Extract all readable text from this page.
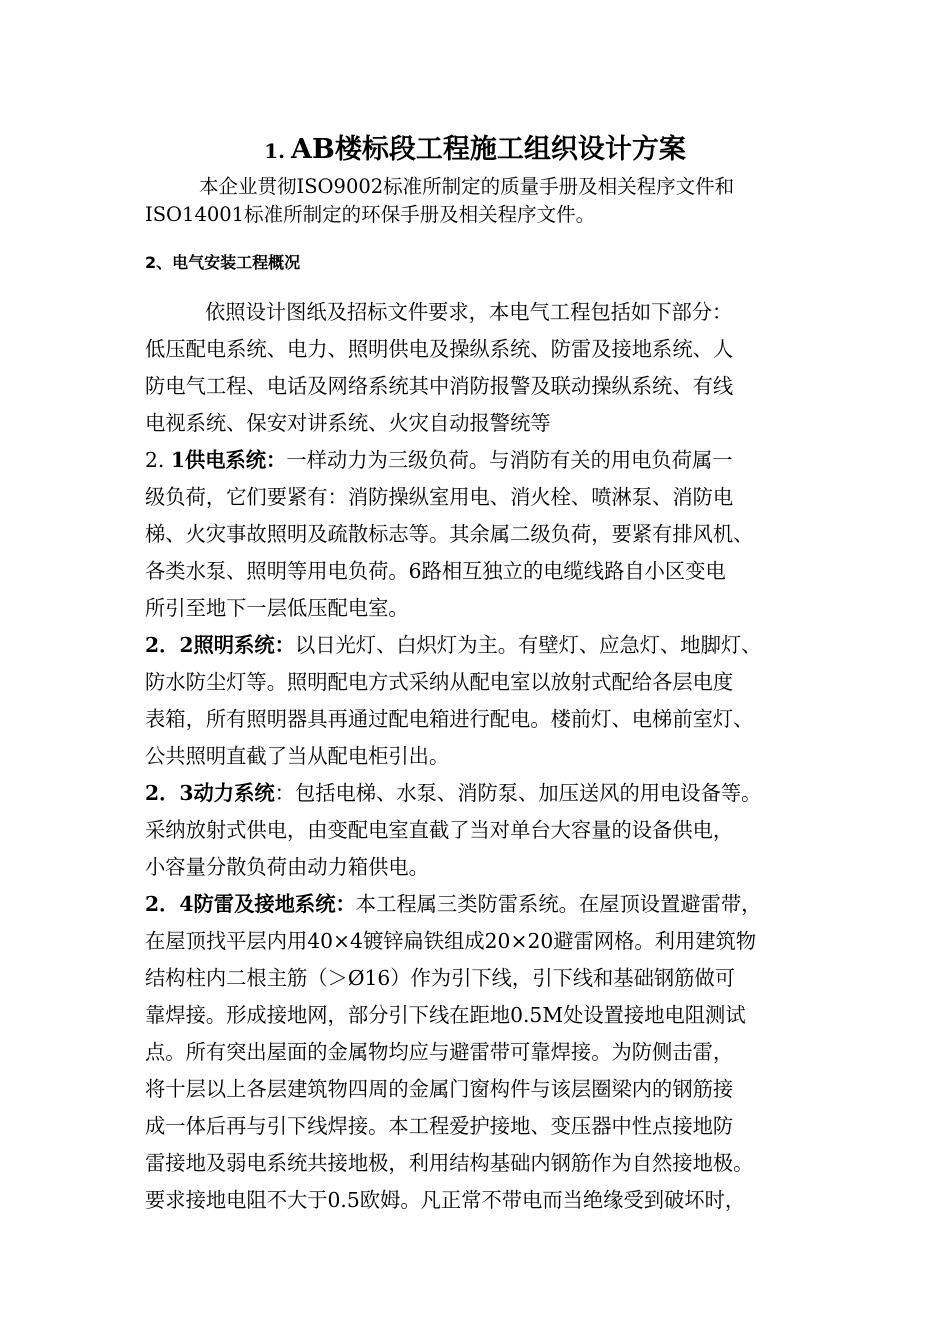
1. AB楼标段工程施工组织设计方案
本企业贯彻ISO9002标准所制定的质量手册及相关程序文件和
ISO14001标准所制定的环保手册及相关程序文件。
2、电气安装工程概况
依照设计图纸及招标文件要求，本电气工程包括如下部分：
低压配电系统、电力、照明供电及操纵系统、防雷及接地系统、人
防电气工程、电话及网络系统其中消防报警及联动操纵系统、有线
电视系统、保安对讲系统、火灾自动报警统等
2. 1供电系统：一样动力为三级负荷。与消防有关的用电负荷属一
级负荷，它们要紧有：消防操纵室用电、消火栓、喷淋泵、消防电
梯、火灾事故照明及疏散标志等。其余属二级负荷，要紧有排风机、
各类水泵、照明等用电负荷。6路相互独立的电缆线路自小区变电
所引至地下一层低压配电室。
2．2照明系统：以日光灯、白炽灯为主。有壁灯、应急灯、地脚灯、
防水防尘灯等。照明配电方式采纳从配电室以放射式配给各层电度
表箱，所有照明器具再通过配电箱进行配电。楼前灯、电梯前室灯、
公共照明直截了当从配电柜引出。
2．3动力系统：包括电梯、水泵、消防泵、加压送风的用电设备等。
采纳放射式供电，由变配电室直截了当对单台大容量的设备供电，
小容量分散负荷由动力箱供电。
2．4防雷及接地系统：本工程属三类防雷系统。在屋顶设置避雷带，
在屋顶找平层内用40×4镀锌扁铁组成20×20避雷网格。利用建筑物
结构柱内二根主筋（＞Ø16）作为引下线，引下线和基础钢筋做可
靠焊接。形成接地网，部分引下线在距地0.5M处设置接地电阻测试
点。所有突出屋面的金属物均应与避雷带可靠焊接。为防侧击雷，
将十层以上各层建筑物四周的金属门窗构件与该层圈梁内的钢筋接
成一体后再与引下线焊接。本工程爱护接地、变压器中性点接地防
雷接地及弱电系统共接地极，利用结构基础内钢筋作为自然接地极。
要求接地电阻不大于0.5欧姆。凡正常不带电而当绝缘受到破坏时，
